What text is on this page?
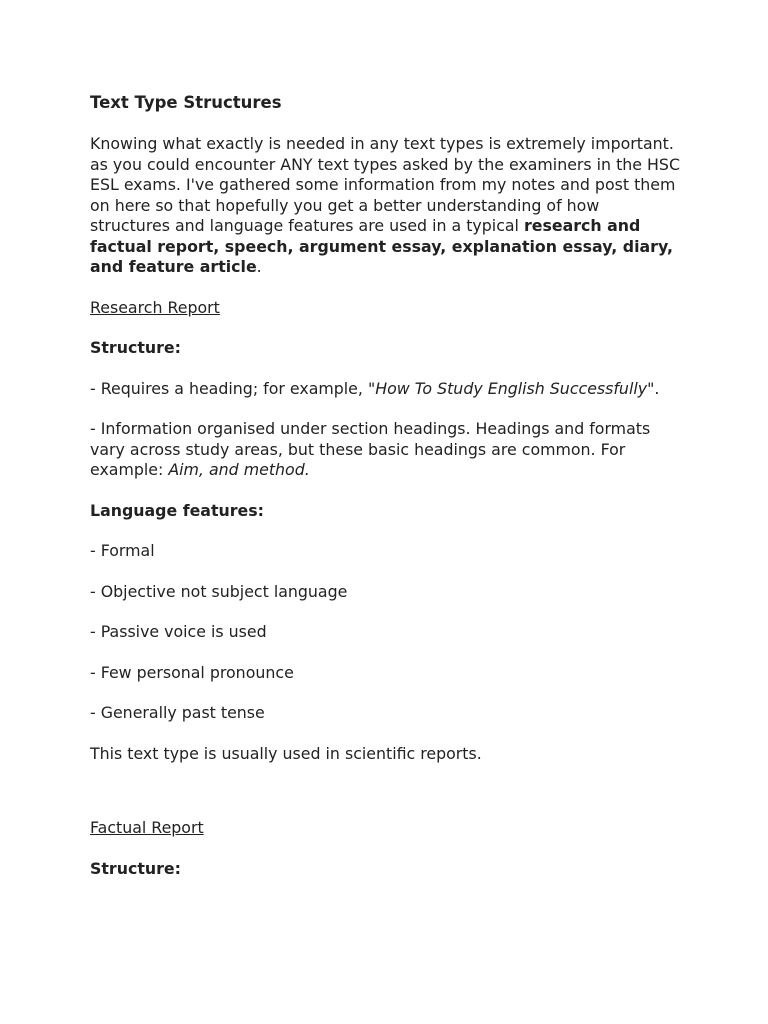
Text Type Structures

Knowing what exactly is needed in any text types is extremely important. as you could encounter ANY text types asked by the examiners in the HSC ESL exams. I've gathered some information from my notes and post them on here so that hopefully you get a better understanding of how structures and language features are used in a typical research and factual report, speech, argument essay, explanation essay, diary, and feature article.

Research Report

Structure:

- Requires a heading; for example, "How To Study English Successfully".

- Information organised under section headings. Headings and formats vary across study areas, but these basic headings are common. For example: Aim, and method.

Language features:

- Formal

- Objective not subject language

- Passive voice is used

- Few personal pronounce

- Generally past tense

This text type is usually used in scientific reports.

Factual Report

Structure:
